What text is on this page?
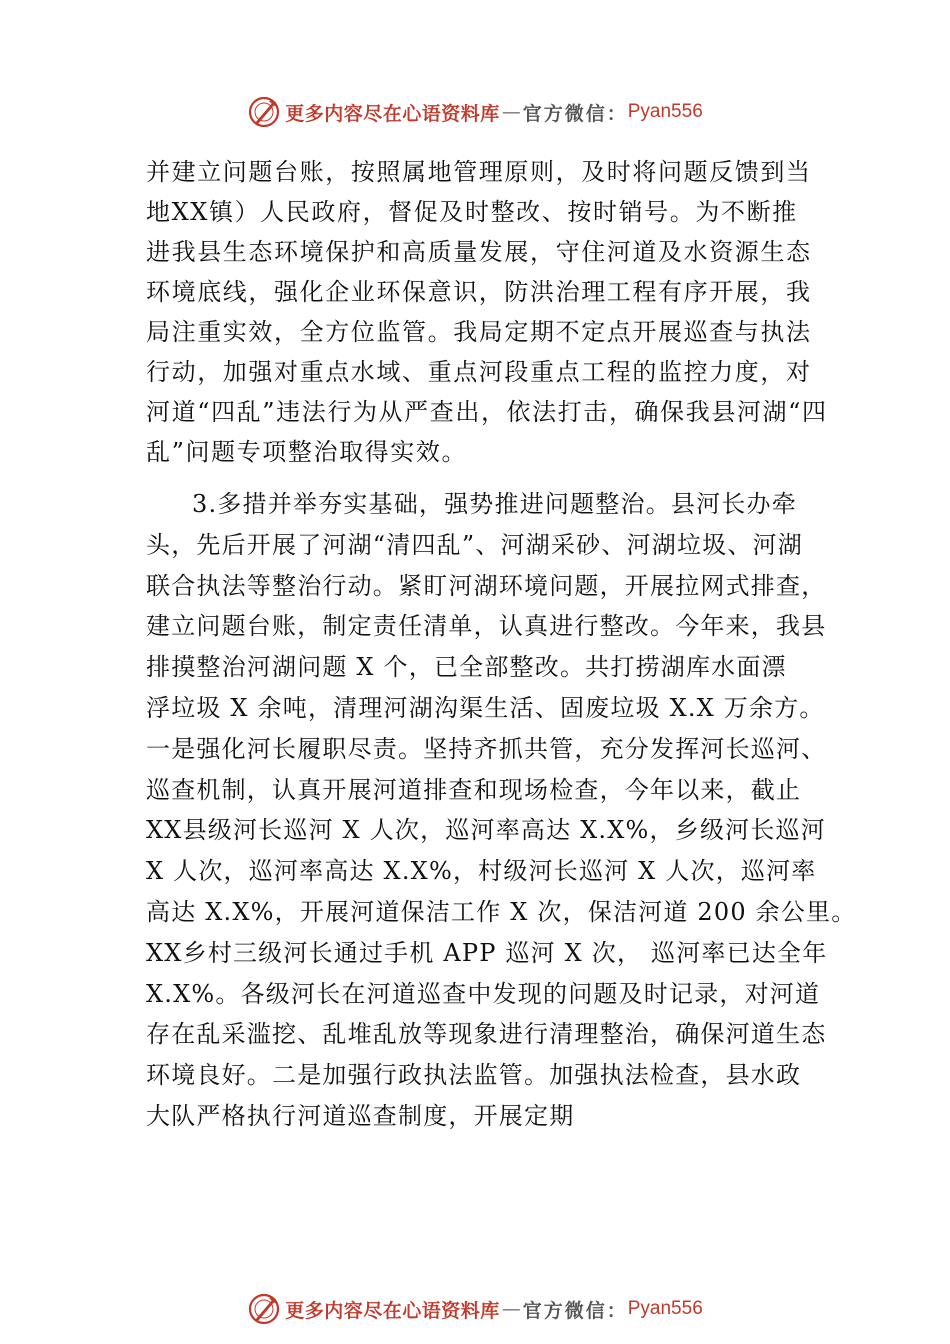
更多内容尽在心语资料库 — 官方微信： Pyan556
并建立问题台账，按照属地管理原则，及时将问题反馈到当
地XX镇）人民政府，督促及时整改、按时销号。为不断推
进我县生态环境保护和高质量发展，守住河道及水资源生态
环境底线，强化企业环保意识，防洪治理工程有序开展，我
局注重实效，全方位监管。我局定期不定点开展巡查与执法
行动，加强对重点水域、重点河段重点工程的监控力度，对
河道“四乱”违法行为从严查出，依法打击，确保我县河湖“四
乱”问题专项整治取得实效。
3.多措并举夯实基础，强势推进问题整治。县河长办牵
头，先后开展了河湖“清四乱”、河湖采砂、河湖垃圾、河湖
联合执法等整治行动。紧盯河湖环境问题，开展拉网式排查，
建立问题台账，制定责任清单，认真进行整改。今年来，我县
排摸整治河湖问题 X 个，已全部整改。共打捞湖库水面漂
浮垃圾 X 余吨，清理河湖沟渠生活、固废垃圾 X.X 万余方。
一是强化河长履职尽责。坚持齐抓共管，充分发挥河长巡河、
巡查机制，认真开展河道排查和现场检查，今年以来，截止
XX县级河长巡河 X 人次，巡河率高达 X.X%，乡级河长巡河
X 人次，巡河率高达 X.X%，村级河长巡河 X 人次，巡河率
高达 X.X%，开展河道保洁工作 X 次，保洁河道 200 余公里。
XX乡村三级河长通过手机 APP 巡河 X 次， 巡河率已达全年
X.X%。各级河长在河道巡查中发现的问题及时记录，对河道
存在乱采滥挖、乱堆乱放等现象进行清理整治，确保河道生态
环境良好。二是加强行政执法监管。加强执法检查，县水政
大队严格执行河道巡查制度，开展定期
更多内容尽在心语资料库 — 官方微信： Pyan556
